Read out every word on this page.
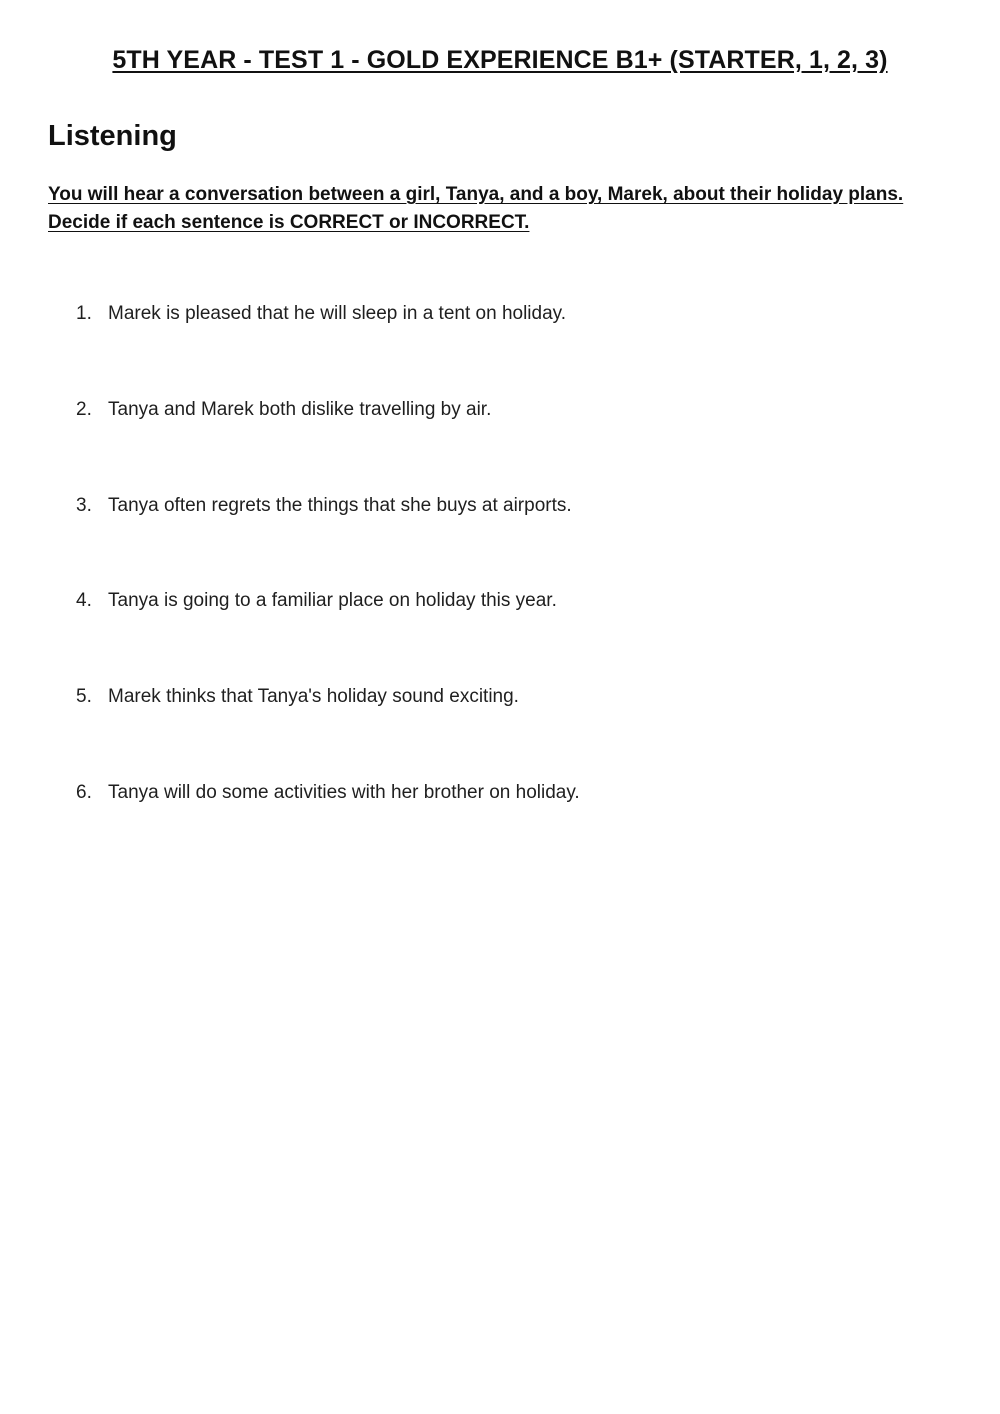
5TH YEAR - TEST 1 - GOLD EXPERIENCE B1+ (STARTER, 1, 2, 3)
Listening

You will hear a conversation between a girl, Tanya, and a boy, Marek, about their holiday plans. Decide if each sentence is CORRECT or INCORRECT.

1. Marek is pleased that he will sleep in a tent on holiday.
2. Tanya and Marek both dislike travelling by air.
3. Tanya often regrets the things that she buys at airports.
4. Tanya is going to a familiar place on holiday this year.
5. Marek thinks that Tanya's holiday sound exciting.
6. Tanya will do some activities with her brother on holiday.
